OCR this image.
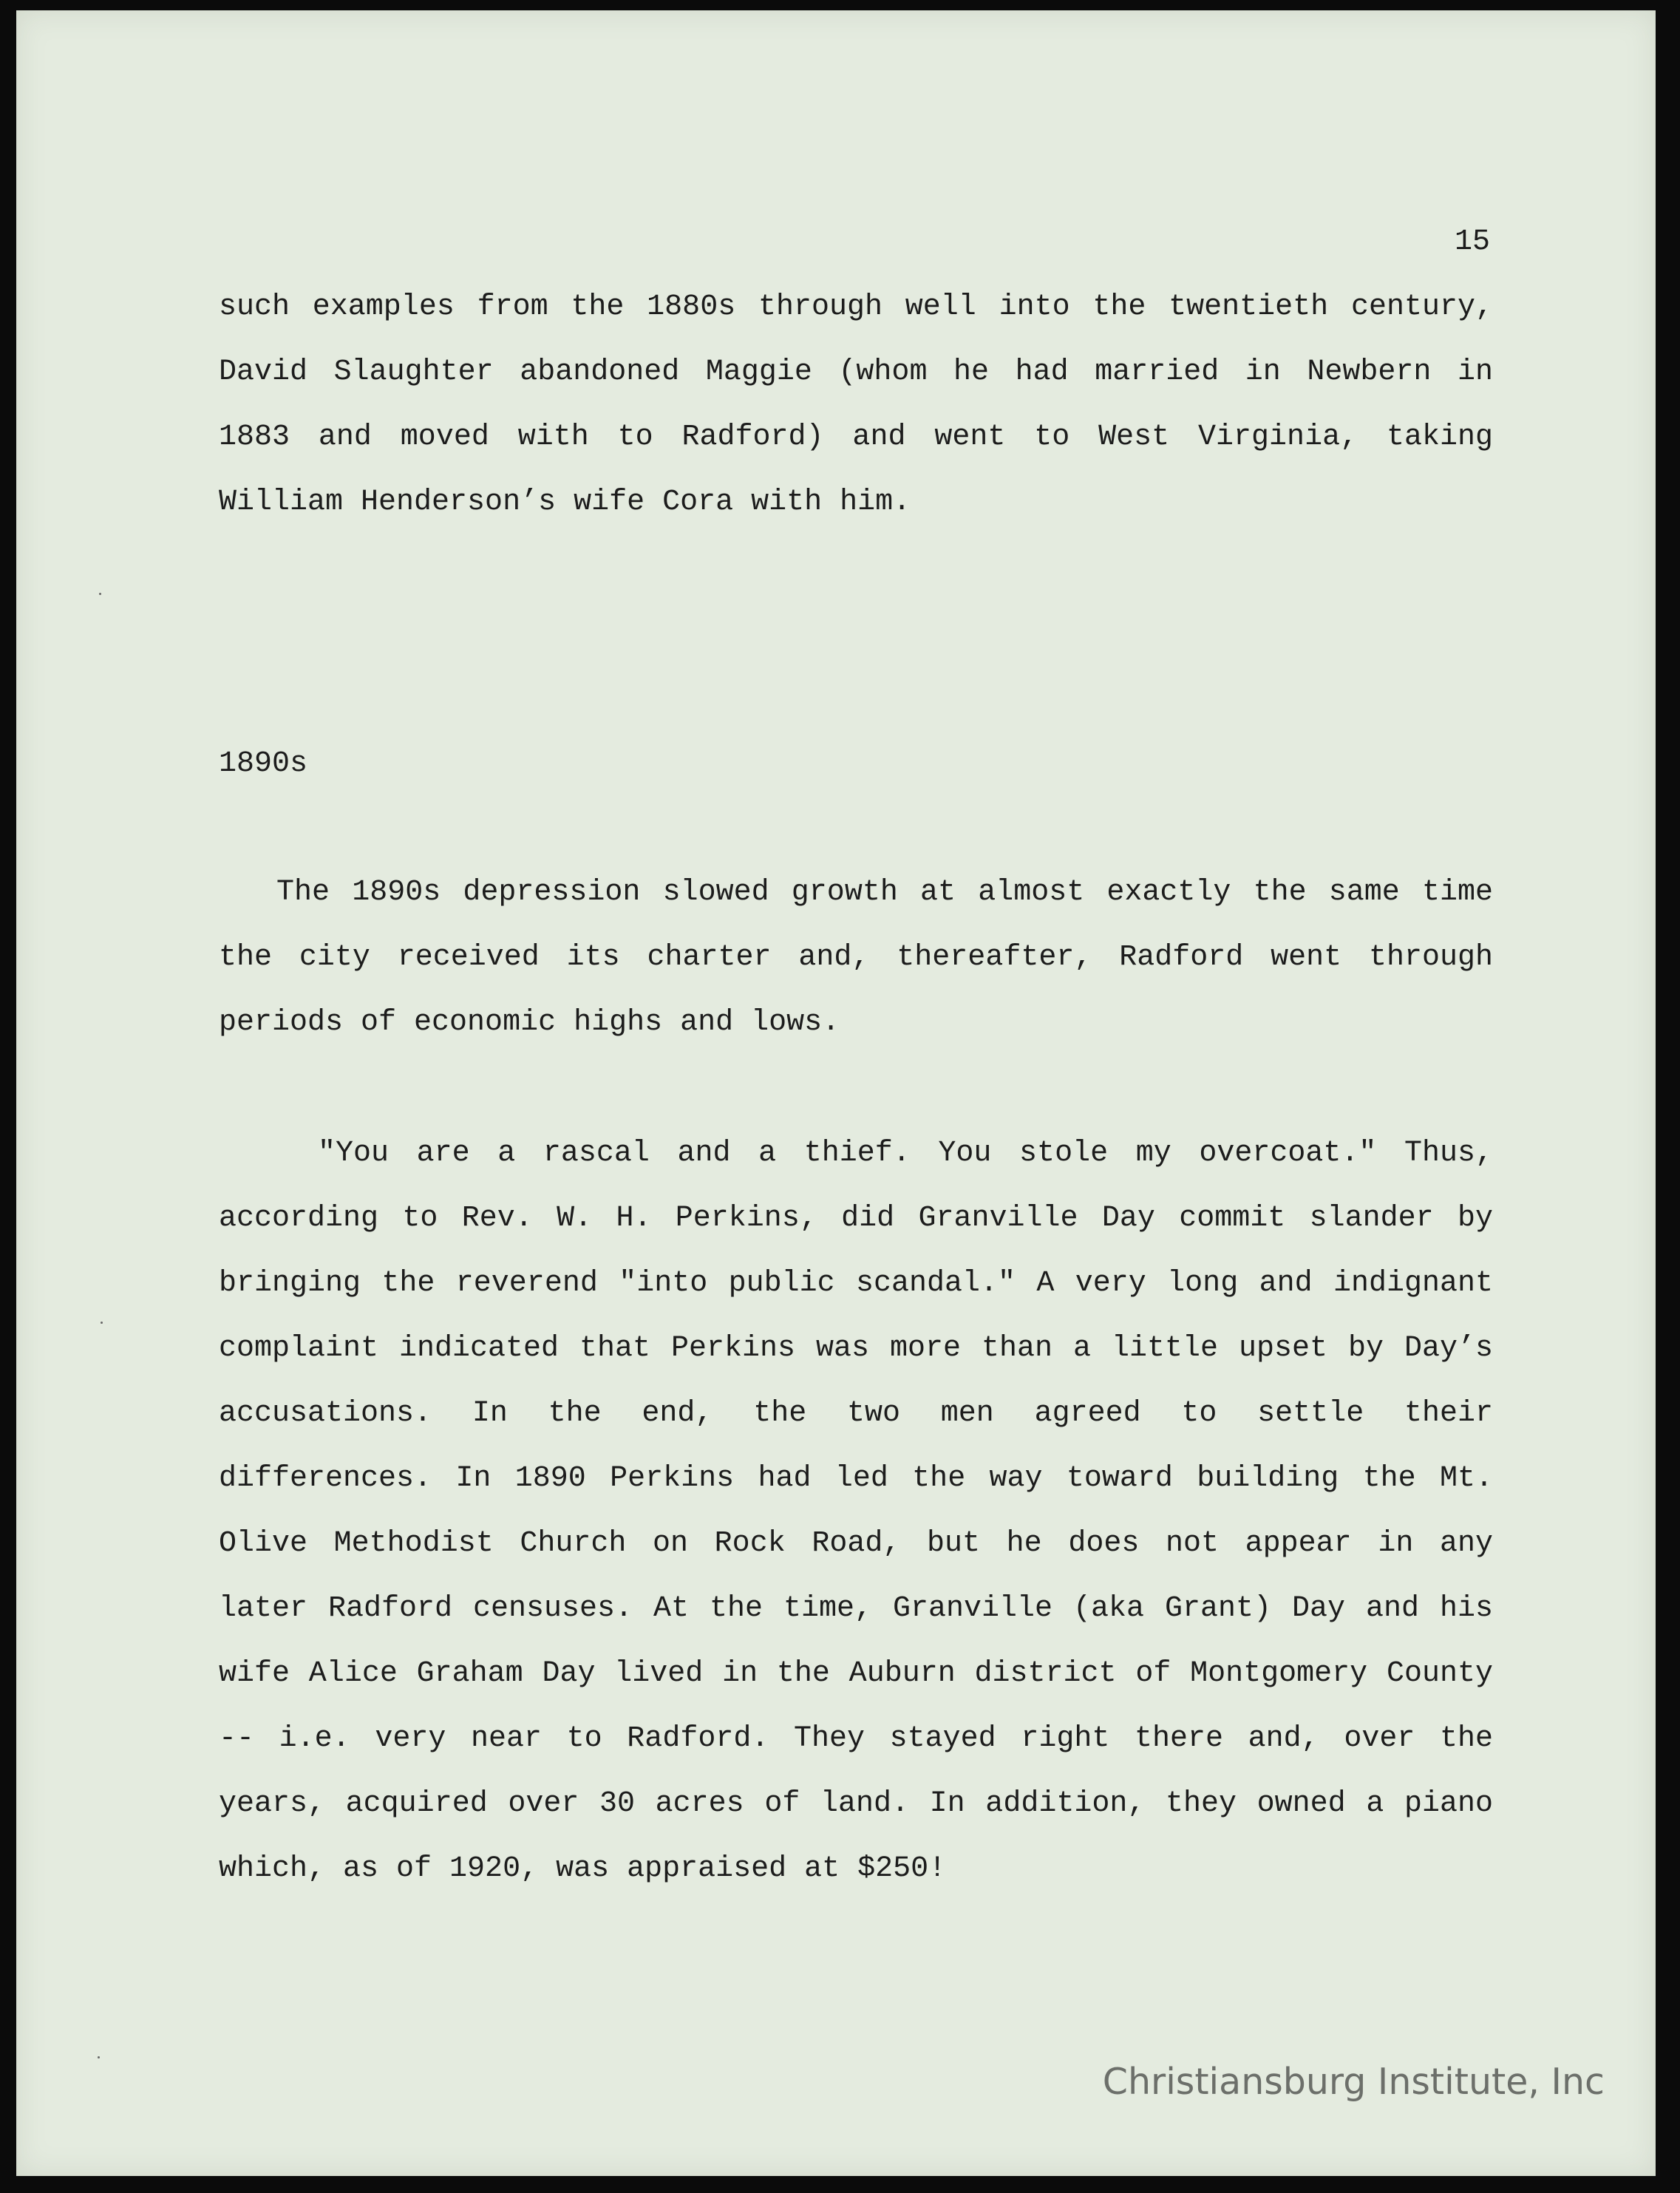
15

such examples from the 1880s through well into the twentieth century, David Slaughter abandoned Maggie (whom he had married in Newbern in 1883 and moved with to Radford) and went to West Virginia, taking William Henderson’s wife Cora with him.

1890s

The 1890s depression slowed growth at almost exactly the same time the city received its charter and, thereafter, Radford went through periods of economic highs and lows.

"You are a rascal and a thief. You stole my overcoat." Thus, according to Rev. W. H. Perkins, did Granville Day commit slander by bringing the reverend "into public scandal." A very long and indignant complaint indicated that Perkins was more than a little upset by Day’s accusations. In the end, the two men agreed to settle their differences. In 1890 Perkins had led the way toward building the Mt. Olive Methodist Church on Rock Road, but he does not appear in any later Radford censuses. At the time, Granville (aka Grant) Day and his wife Alice Graham Day lived in the Auburn district of Montgomery County -- i.e. very near to Radford. They stayed right there and, over the years, acquired over 30 acres of land. In addition, they owned a piano which, as of 1920, was appraised at $250!

Christiansburg Institute, Inc
